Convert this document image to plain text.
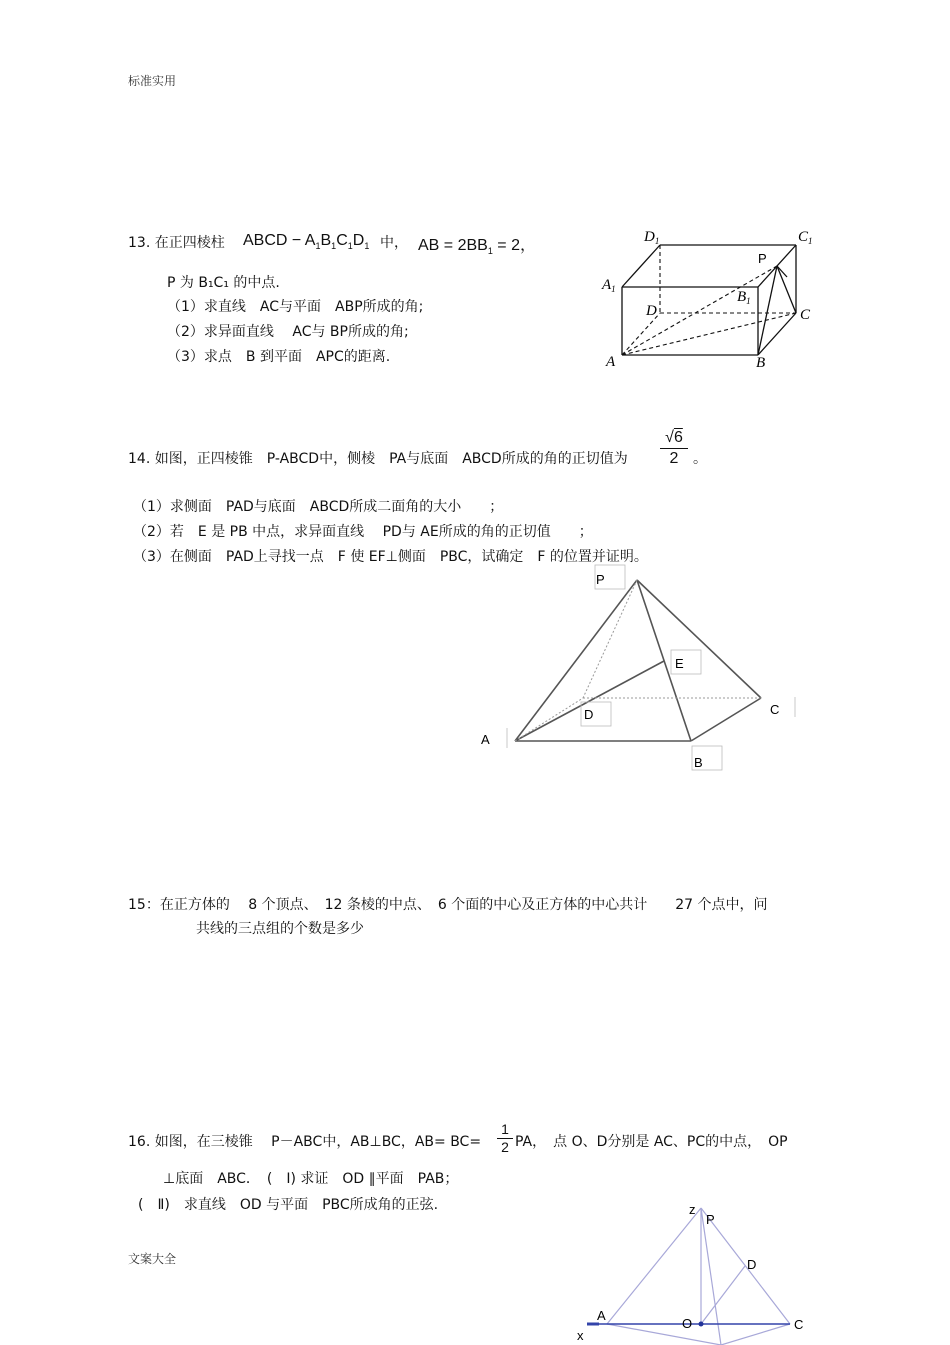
标准实用
文案大全
13. 在正四棱柱 ABCD − $A_1B_1C_1D_1$ 中， AB = $2BB_1 = 2$，
P 为 B₁C₁ 的中点.
（1）求直线　AC与平面　ABP所成的角;
（2）求异面直线　 AC与 BP所成的角;
（3）求点　B 到平面　APC的距离.
$D_1$	$C_1$
P
$A_1$	$B_1$
D	C
A	B
14. 如图，正四棱锥　P-ABCD中，侧棱　PA与底面　ABCD所成的角的正切值为
√6
2	。
（1）求侧面　PAD与底面　ABCD所成二面角的大小　　；
（2）若　E 是 PB 中点，求异面直线　 PD与 AE所成的角的正切值　　；
（3）在侧面　PAD上寻找一点　F 使 EF⊥侧面　PBC，试确定　F 的位置并证明。
P
E
C
D
A
B
15：在正方体的　 8 个顶点、　12 条棱的中点、　6 个面的中心及正方体的中心共计　　27 个点中，问
共线的三点组的个数是多少
16. 如图，在三棱锥　 P－ABC中，AB⊥BC，AB= BC=
1
2 PA，　点 O、D分别是 AC、PC的中点，　OP
⊥底面　ABC．　(　Ⅰ) 求证　OD ∥平面　PAB；
(　Ⅱ)　求直线　OD 与平面　PBC所成角的正弦.	z
P
D
A
O	C
x
